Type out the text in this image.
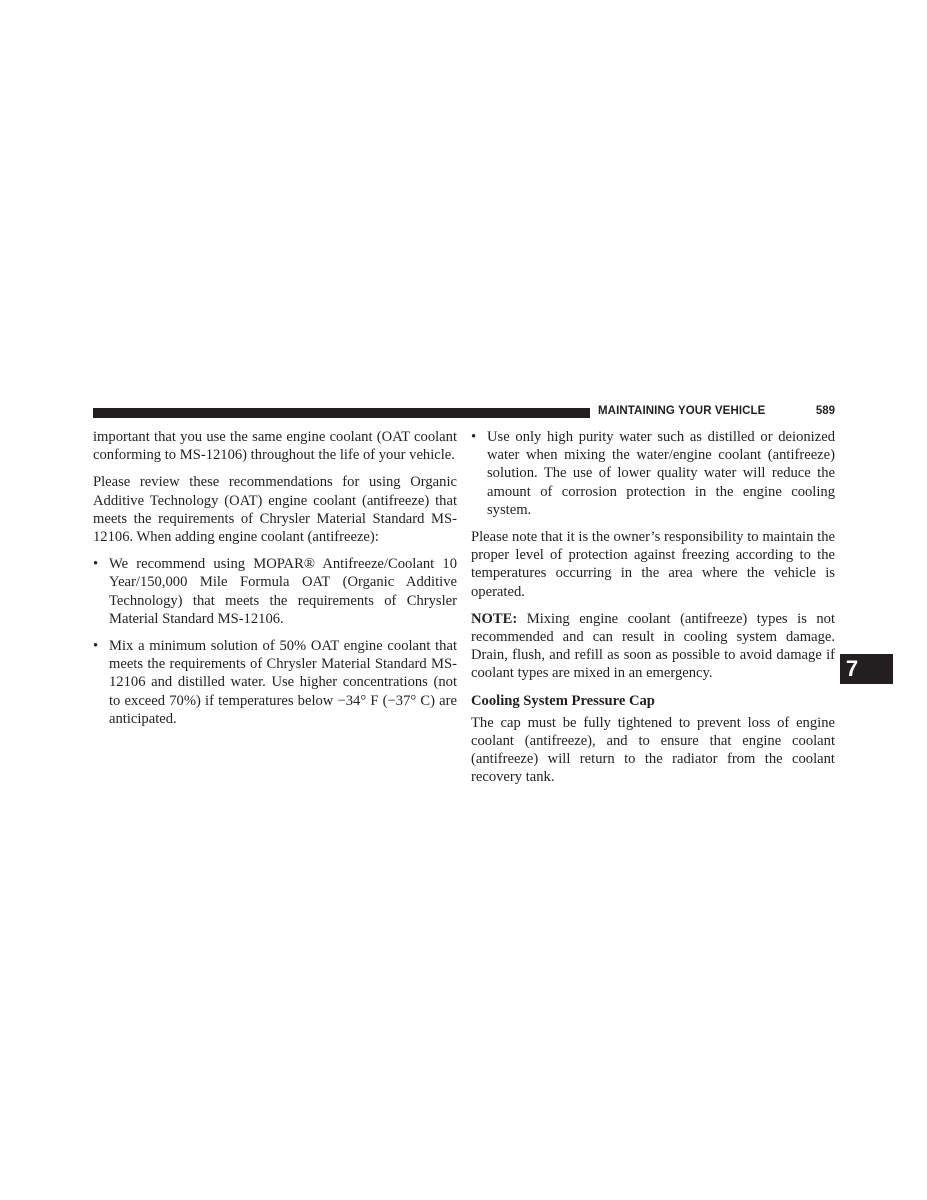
MAINTAINING YOUR VEHICLE	589

important that you use the same engine coolant (OAT coolant conforming to MS-12106) throughout the life of your vehicle.

Please review these recommendations for using Organic Additive Technology (OAT) engine coolant (antifreeze) that meets the requirements of Chrysler Material Standard MS-12106. When adding engine coolant (antifreeze):

• We recommend using MOPAR® Antifreeze/Coolant 10 Year/150,000 Mile Formula OAT (Organic Additive Technology) that meets the requirements of Chrysler Material Standard MS-12106.
• Mix a minimum solution of 50% OAT engine coolant that meets the requirements of Chrysler Material Standard MS-12106 and distilled water. Use higher concentrations (not to exceed 70%) if temperatures below −34° F (−37° C) are anticipated.
• Use only high purity water such as distilled or deionized water when mixing the water/engine coolant (antifreeze) solution. The use of lower quality water will reduce the amount of corrosion protection in the engine cooling system.

Please note that it is the owner’s responsibility to maintain the proper level of protection against freezing according to the temperatures occurring in the area where the vehicle is operated.

NOTE: Mixing engine coolant (antifreeze) types is not recommended and can result in cooling system damage. Drain, flush, and refill as soon as possible to avoid damage if coolant types are mixed in an emergency.

Cooling System Pressure Cap

The cap must be fully tightened to prevent loss of engine coolant (antifreeze), and to ensure that engine coolant (antifreeze) will return to the radiator from the coolant recovery tank.

7
